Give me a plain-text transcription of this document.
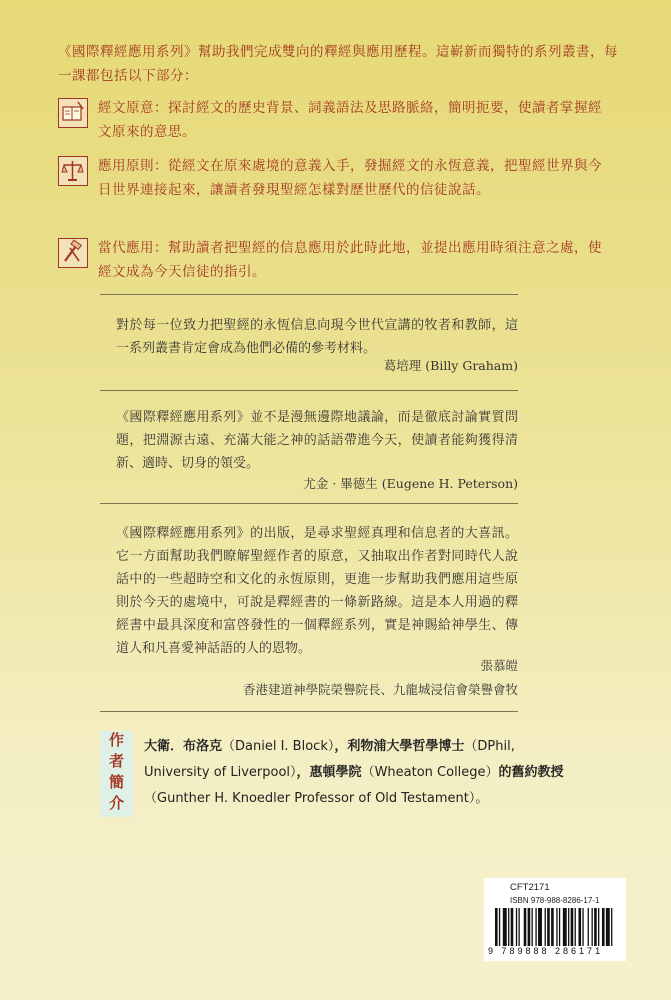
《國際釋經應用系列》幫助我們完成雙向的釋經與應用歷程。這嶄新而獨特的系列叢書，每一課都包括以下部分：
經文原意：探討經文的歷史背景、詞義語法及思路脈絡，簡明扼要，使讀者掌握經文原來的意思。
應用原則：從經文在原來處境的意義入手，發掘經文的永恆意義，把聖經世界與今日世界連接起來，讓讀者發現聖經怎樣對歷世歷代的信徒說話。
當代應用：幫助讀者把聖經的信息應用於此時此地，並提出應用時須注意之處，使經文成為今天信徒的指引。
對於每一位致力把聖經的永恆信息向現今世代宣講的牧者和教師，這一系列叢書肯定會成為他們必備的參考材料。
葛培理 (Billy Graham)
《國際釋經應用系列》並不是漫無邊際地議論，而是徹底討論實質問題，把淵源古遠、充滿大能之神的話語帶進今天，使讀者能夠獲得清新、適時、切身的領受。
尤金 · 畢德生 (Eugene H. Peterson)
《國際釋經應用系列》的出版，是尋求聖經真理和信息者的大喜訊。它一方面幫助我們瞭解聖經作者的原意，又抽取出作者對同時代人說話中的一些超時空和文化的永恆原則，更進一步幫助我們應用這些原則於今天的處境中，可說是釋經書的一條新路線。這是本人用過的釋經書中最具深度和富啓發性的一個釋經系列，實是神賜給神學生、傳道人和凡喜愛神話語的人的恩物。
張慕皚
香港建道神學院榮譽院長、九龍城浸信會榮譽會牧
作者簡介 大衛．布洛克（Daniel I. Block），利物浦大學哲學博士（DPhil, University of Liverpool），惠頓學院（Wheaton College）的舊約教授（Gunther H. Knoedler Professor of Old Testament）。
CFT2171
ISBN 978-988-8286-17-1
9 789888 286171
